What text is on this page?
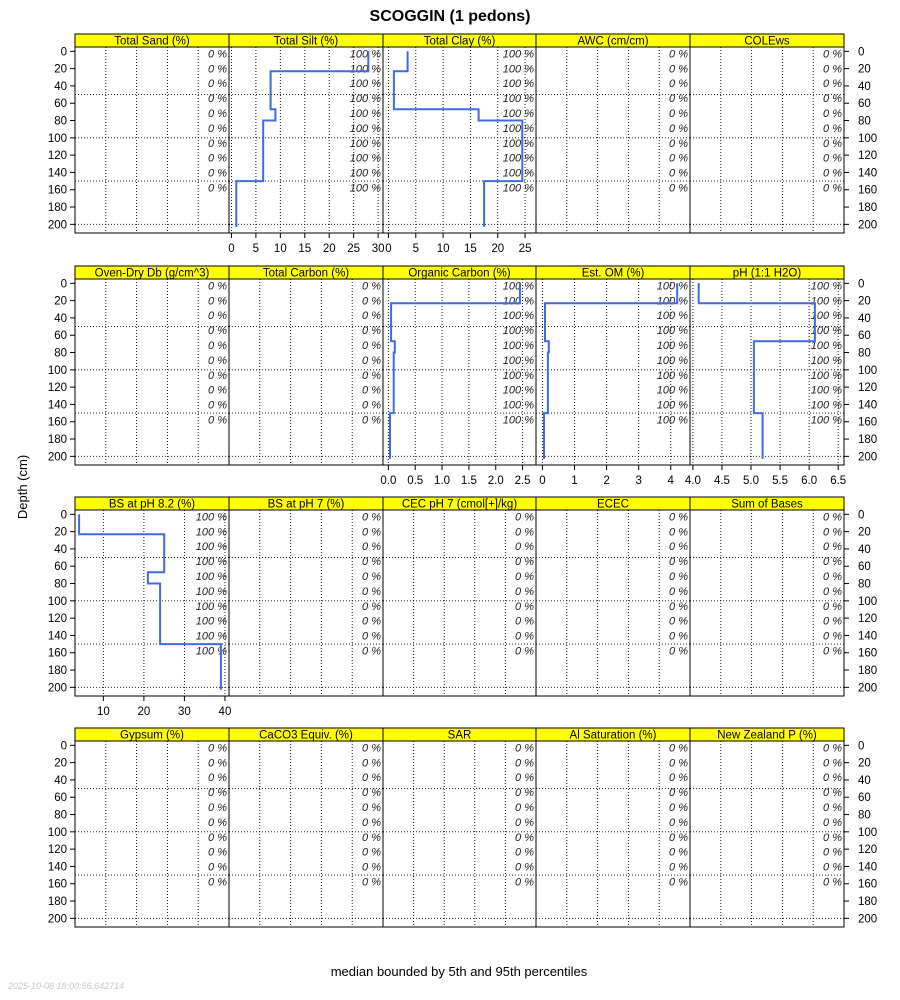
SCOGGIN (1 pedons)
Depth (cm)
median bounded by 5th and 95th percentiles
2025-10-08 18:00:56.642714
Total Sand (%)
0 %
0 %
0 %
0 %
0 %
0 %
0 %
0 %
0 %
0 %
0
20
40
60
80
100
120
140
160
180
200
Total Silt (%)
100 %
100 %
100 %
100 %
100 %
100 %
100 %
100 %
100 %
100 %
0 5 10 15 20 25 30
Total Clay (%)
100 %
100 %
100 %
100 %
100 %
100 %
100 %
100 %
100 %
100 %
0 5 10 15 20 25
AWC (cm/cm)
0 %
0 %
0 %
0 %
0 %
0 %
0 %
0 %
0 %
0 %
COLEws
0 %
0 %
0 %
0 %
0 %
0 %
0 %
0 %
0 %
0 %
Oven-Dry Db (g/cm^3)
0 %
0 %
0 %
0 %
0 %
0 %
0 %
0 %
0 %
0 %
Total Carbon (%)
0 %
0 %
0 %
0 %
0 %
0 %
0 %
0 %
0 %
0 %
Organic Carbon (%)
100 %
100 %
100 %
100 %
100 %
100 %
100 %
100 %
100 %
100 %
0.0 0.5 1.0 1.5 2.0 2.5
Est. OM (%)
100 %
100 %
100 %
100 %
100 %
100 %
100 %
100 %
100 %
100 %
0 1 2 3 4
pH (1:1 H2O)
100 %
100 %
100 %
100 %
100 %
100 %
100 %
100 %
100 %
100 %
4.0 4.5 5.0 5.5 6.0 6.5
0
20
40
60
80
100
120
140
160
180
200
BS at pH 8.2 (%)
100 %
100 %
100 %
100 %
100 %
100 %
100 %
100 %
100 %
100 %
10 20 30 40
0
20
40
60
80
100
120
140
160
180
200
BS at pH 7 (%)
0 %
0 %
0 %
0 %
0 %
0 %
0 %
0 %
0 %
0 %
CEC pH 7 (cmol[+]/kg)
0 %
0 %
0 %
0 %
0 %
0 %
0 %
0 %
0 %
0 %
ECEC
0 %
0 %
0 %
0 %
0 %
0 %
0 %
0 %
0 %
0 %
Sum of Bases
0 %
0 %
0 %
0 %
0 %
0 %
0 %
0 %
0 %
0 %
Gypsum (%)
0 %
0 %
0 %
0 %
0 %
0 %
0 %
0 %
0 %
0 %
CaCO3 Equiv. (%)
0 %
0 %
0 %
0 %
0 %
0 %
0 %
0 %
0 %
0 %
SAR
0 %
0 %
0 %
0 %
0 %
0 %
0 %
0 %
0 %
0 %
Al Saturation (%)
0 %
0 %
0 %
0 %
0 %
0 %
0 %
0 %
0 %
0 %
New Zealand P (%)
0 %
0 %
0 %
0 %
0 %
0 %
0 %
0 %
0 %
0 %
0
20
40
60
80
100
120
140
160
180
200
0
20
40
60
80
100
120
140
160
180
200
0
20
40
60
80
100
120
140
160
180
200
0
20
40
60
80
100
120
140
160
180
200
0
20
40
60
80
100
120
140
160
180
200
